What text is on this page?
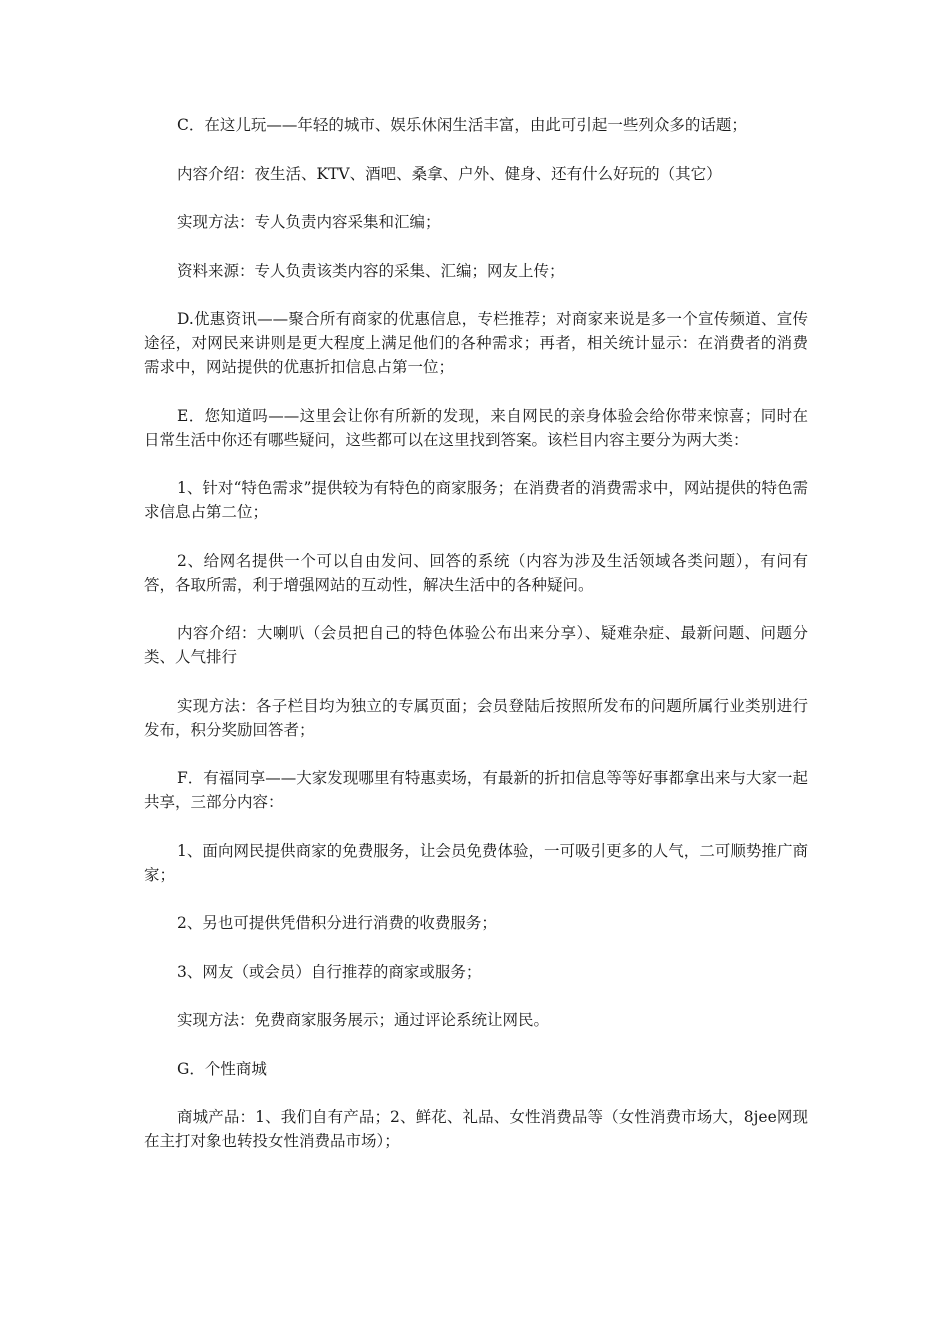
C．在这儿玩——年轻的城市、娱乐休闲生活丰富，由此可引起一些列众多的话题；

内容介绍：夜生活、KTV、酒吧、桑拿、户外、健身、还有什么好玩的（其它）

实现方法：专人负责内容采集和汇编；

资料来源：专人负责该类内容的采集、汇编；网友上传；

D.优惠资讯——聚合所有商家的优惠信息，专栏推荐；对商家来说是多一个宣传频道、宣传途径，对网民来讲则是更大程度上满足他们的各种需求；再者，相关统计显示：在消费者的消费需求中，网站提供的优惠折扣信息占第一位；

E．您知道吗——这里会让你有所新的发现，来自网民的亲身体验会给你带来惊喜；同时在日常生活中你还有哪些疑问，这些都可以在这里找到答案。该栏目内容主要分为两大类：

1、针对“特色需求”提供较为有特色的商家服务；在消费者的消费需求中，网站提供的特色需求信息占第二位；

2、给网名提供一个可以自由发问、回答的系统（内容为涉及生活领域各类问题），有问有答，各取所需，利于增强网站的互动性，解决生活中的各种疑问。

内容介绍：大喇叭（会员把自己的特色体验公布出来分享）、疑难杂症、最新问题、问题分类、人气排行

实现方法：各子栏目均为独立的专属页面；会员登陆后按照所发布的问题所属行业类别进行发布，积分奖励回答者；

F．有福同享——大家发现哪里有特惠卖场，有最新的折扣信息等等好事都拿出来与大家一起共享，三部分内容：

1、面向网民提供商家的免费服务，让会员免费体验，一可吸引更多的人气，二可顺势推广商家；

2、另也可提供凭借积分进行消费的收费服务；

3、网友（或会员）自行推荐的商家或服务；

实现方法：免费商家服务展示；通过评论系统让网民。

G．个性商城

商城产品：1、我们自有产品；2、鲜花、礼品、女性消费品等（女性消费市场大，8jee网现在主打对象也转投女性消费品市场）；
